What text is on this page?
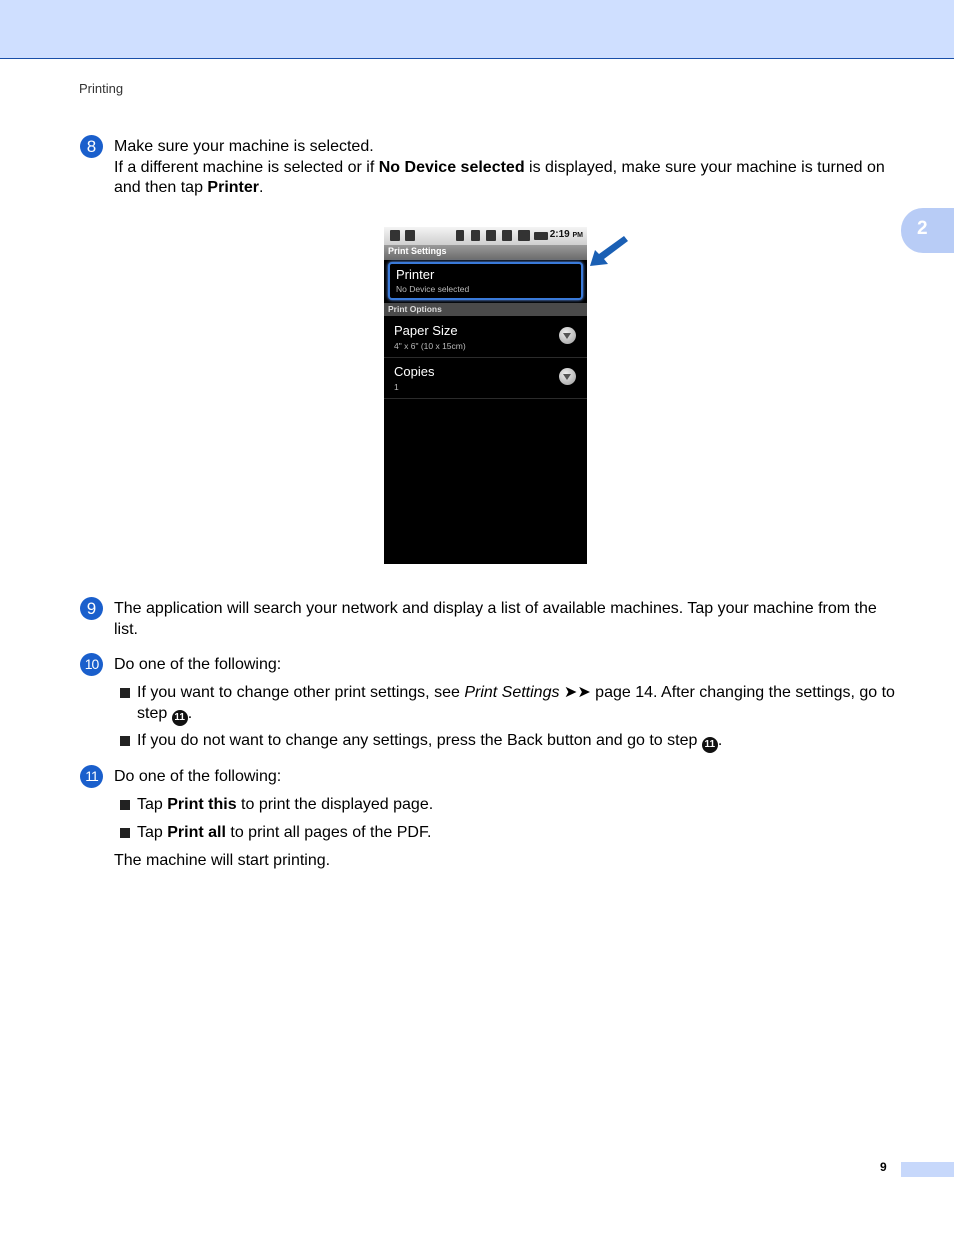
Printing
2
8	Make sure your machine is selected.
If a different machine is selected or if No Device selected is displayed, make sure your machine is turned on and then tap Printer.
2:19 PM
Print Settings
Printer
No Device selected
Print Options
Paper Size
4" x 6" (10 x 15cm)
Copies
1
9	The application will search your network and display a list of available machines. Tap your machine from the list.
10 Do one of the following:
If you want to change other print settings, see Print Settings ➤➤ page 14. After changing the settings, go to step 11 .
If you do not want to change any settings, press the Back button and go to step 11 .
11	Do one of the following:
Tap Print this to print the displayed page.
Tap Print all to print all pages of the PDF.
The machine will start printing.
9
